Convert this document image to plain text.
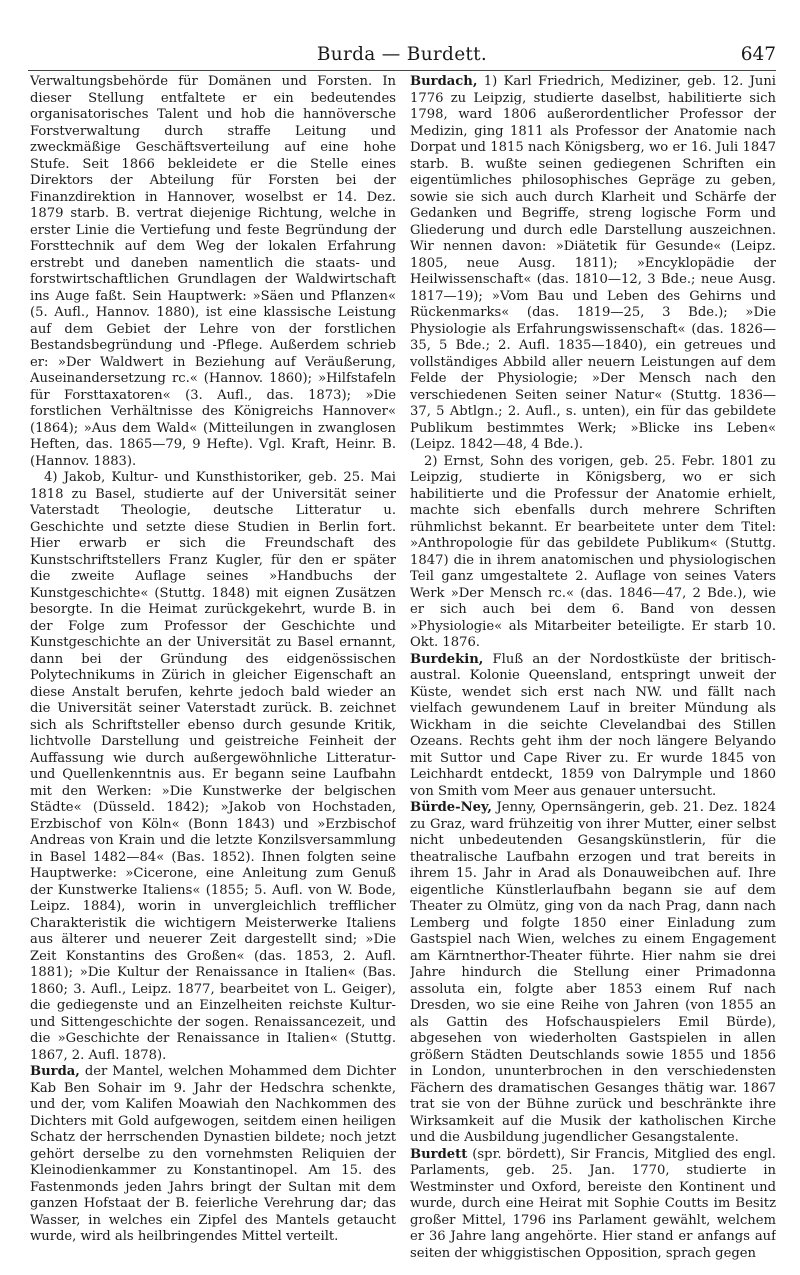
Burda — Burdett.	647

Verwaltungsbehörde für Domänen und Forsten. In dieser Stellung entfaltete er ein bedeutendes organisatorisches Talent und hob die hannöversche Forstverwaltung durch straffe Leitung und zweckmäßige Geschäftsverteilung auf eine hohe Stufe. Seit 1866 bekleidete er die Stelle eines Direktors der Abteilung für Forsten bei der Finanzdirektion in Hannover, woselbst er 14. Dez. 1879 starb. B. vertrat diejenige Richtung, welche in erster Linie die Vertiefung und feste Begründung der Forsttechnik auf dem Weg der lokalen Erfahrung erstrebt und daneben namentlich die staats- und forstwirtschaftlichen Grundlagen der Waldwirtschaft ins Auge faßt. Sein Hauptwerk: »Säen und Pflanzen« (5. Aufl., Hannov. 1880), ist eine klassische Leistung auf dem Gebiet der Lehre von der forstlichen Bestandsbegründung und -Pflege. Außerdem schrieb er: »Der Waldwert in Beziehung auf Veräußerung, Auseinandersetzung rc.« (Hannov. 1860); »Hilfstafeln für Forsttaxatoren« (3. Aufl., das. 1873); »Die forstlichen Verhältnisse des Königreichs Hannover« (1864); »Aus dem Wald« (Mitteilungen in zwanglosen Heften, das. 1865—79, 9 Hefte). Vgl. Kraft, Heinr. B. (Hannov. 1883).

4) Jakob, Kultur- und Kunsthistoriker, geb. 25. Mai 1818 zu Basel, studierte auf der Universität seiner Vaterstadt Theologie, deutsche Litteratur u. Geschichte und setzte diese Studien in Berlin fort. Hier erwarb er sich die Freundschaft des Kunstschriftstellers Franz Kugler, für den er später die zweite Auflage seines »Handbuchs der Kunstgeschichte« (Stuttg. 1848) mit eignen Zusätzen besorgte. In die Heimat zurückgekehrt, wurde B. in der Folge zum Professor der Geschichte und Kunstgeschichte an der Universität zu Basel ernannt, dann bei der Gründung des eidgenössischen Polytechnikums in Zürich in gleicher Eigenschaft an diese Anstalt berufen, kehrte jedoch bald wieder an die Universität seiner Vaterstadt zurück. B. zeichnet sich als Schriftsteller ebenso durch gesunde Kritik, lichtvolle Darstellung und geistreiche Feinheit der Auffassung wie durch außergewöhnliche Litteratur- und Quellenkenntnis aus. Er begann seine Laufbahn mit den Werken: »Die Kunstwerke der belgischen Städte« (Düsseld. 1842); »Jakob von Hochstaden, Erzbischof von Köln« (Bonn 1843) und »Erzbischof Andreas von Krain und die letzte Konzilsversammlung in Basel 1482—84« (Bas. 1852). Ihnen folgten seine Hauptwerke: »Cicerone, eine Anleitung zum Genuß der Kunstwerke Italiens« (1855; 5. Aufl. von W. Bode, Leipz. 1884), worin in unvergleichlich trefflicher Charakteristik die wichtigern Meisterwerke Italiens aus älterer und neuerer Zeit dargestellt sind; »Die Zeit Konstantins des Großen« (das. 1853, 2. Aufl. 1881); »Die Kultur der Renaissance in Italien« (Bas. 1860; 3. Aufl., Leipz. 1877, bearbeitet von L. Geiger), die gediegenste und an Einzelheiten reichste Kultur- und Sittengeschichte der sogen. Renaissancezeit, und die »Geschichte der Renaissance in Italien« (Stuttg. 1867, 2. Aufl. 1878).

Burda, der Mantel, welchen Mohammed dem Dichter Kab Ben Sohair im 9. Jahr der Hedschra schenkte, und der, vom Kalifen Moawiah den Nachkommen des Dichters mit Gold aufgewogen, seitdem einen heiligen Schatz der herrschenden Dynastien bildete; noch jetzt gehört derselbe zu den vornehmsten Reliquien der Kleinodienkammer zu Konstantinopel. Am 15. des Fastenmonds jeden Jahrs bringt der Sultan mit dem ganzen Hofstaat der B. feierliche Verehrung dar; das Wasser, in welches ein Zipfel des Mantels getaucht wurde, wird als heilbringendes Mittel verteilt.

Burdach, 1) Karl Friedrich, Mediziner, geb. 12. Juni 1776 zu Leipzig, studierte daselbst, habilitierte sich 1798, ward 1806 außerordentlicher Professor der Medizin, ging 1811 als Professor der Anatomie nach Dorpat und 1815 nach Königsberg, wo er 16. Juli 1847 starb. B. wußte seinen gediegenen Schriften ein eigentümliches philosophisches Gepräge zu geben, sowie sie sich auch durch Klarheit und Schärfe der Gedanken und Begriffe, streng logische Form und Gliederung und durch edle Darstellung auszeichnen. Wir nennen davon: »Diätetik für Gesunde« (Leipz. 1805, neue Ausg. 1811); »Encyklopädie der Heilwissenschaft« (das. 1810—12, 3 Bde.; neue Ausg. 1817—19); »Vom Bau und Leben des Gehirns und Rückenmarks« (das. 1819—25, 3 Bde.); »Die Physiologie als Erfahrungswissenschaft« (das. 1826—35, 5 Bde.; 2. Aufl. 1835—1840), ein getreues und vollständiges Abbild aller neuern Leistungen auf dem Felde der Physiologie; »Der Mensch nach den verschiedenen Seiten seiner Natur« (Stuttg. 1836—37, 5 Abtlgn.; 2. Aufl., s. unten), ein für das gebildete Publikum bestimmtes Werk; »Blicke ins Leben« (Leipz. 1842—48, 4 Bde.).

2) Ernst, Sohn des vorigen, geb. 25. Febr. 1801 zu Leipzig, studierte in Königsberg, wo er sich habilitierte und die Professur der Anatomie erhielt, machte sich ebenfalls durch mehrere Schriften rühmlichst bekannt. Er bearbeitete unter dem Titel: »Anthropologie für das gebildete Publikum« (Stuttg. 1847) die in ihrem anatomischen und physiologischen Teil ganz umgestaltete 2. Auflage von seines Vaters Werk »Der Mensch rc.« (das. 1846—47, 2 Bde.), wie er sich auch bei dem 6. Band von dessen »Physiologie« als Mitarbeiter beteiligte. Er starb 10. Okt. 1876.

Burdekin, Fluß an der Nordostküste der britisch-austral. Kolonie Queensland, entspringt unweit der Küste, wendet sich erst nach NW. und fällt nach vielfach gewundenem Lauf in breiter Mündung als Wickham in die seichte Clevelandbai des Stillen Ozeans. Rechts geht ihm der noch längere Belyando mit Suttor und Cape River zu. Er wurde 1845 von Leichhardt entdeckt, 1859 von Dalrymple und 1860 von Smith vom Meer aus genauer untersucht.

Bürde-Ney, Jenny, Opernsängerin, geb. 21. Dez. 1824 zu Graz, ward frühzeitig von ihrer Mutter, einer selbst nicht unbedeutenden Gesangskünstlerin, für die theatralische Laufbahn erzogen und trat bereits in ihrem 15. Jahr in Arad als Donauweibchen auf. Ihre eigentliche Künstlerlaufbahn begann sie auf dem Theater zu Olmütz, ging von da nach Prag, dann nach Lemberg und folgte 1850 einer Einladung zum Gastspiel nach Wien, welches zu einem Engagement am Kärntnerthor-Theater führte. Hier nahm sie drei Jahre hindurch die Stellung einer Primadonna assoluta ein, folgte aber 1853 einem Ruf nach Dresden, wo sie eine Reihe von Jahren (von 1855 an als Gattin des Hofschauspielers Emil Bürde), abgesehen von wiederholten Gastspielen in allen größern Städten Deutschlands sowie 1855 und 1856 in London, ununterbrochen in den verschiedensten Fächern des dramatischen Gesanges thätig war. 1867 trat sie von der Bühne zurück und beschränkte ihre Wirksamkeit auf die Musik der katholischen Kirche und die Ausbildung jugendlicher Gesangstalente.

Burdett (spr. bördett), Sir Francis, Mitglied des engl. Parlaments, geb. 25. Jan. 1770, studierte in Westminster und Oxford, bereiste den Kontinent und wurde, durch eine Heirat mit Sophie Coutts im Besitz großer Mittel, 1796 ins Parlament gewählt, welchem er 36 Jahre lang angehörte. Hier stand er anfangs auf seiten der whiggistischen Opposition, sprach gegen
